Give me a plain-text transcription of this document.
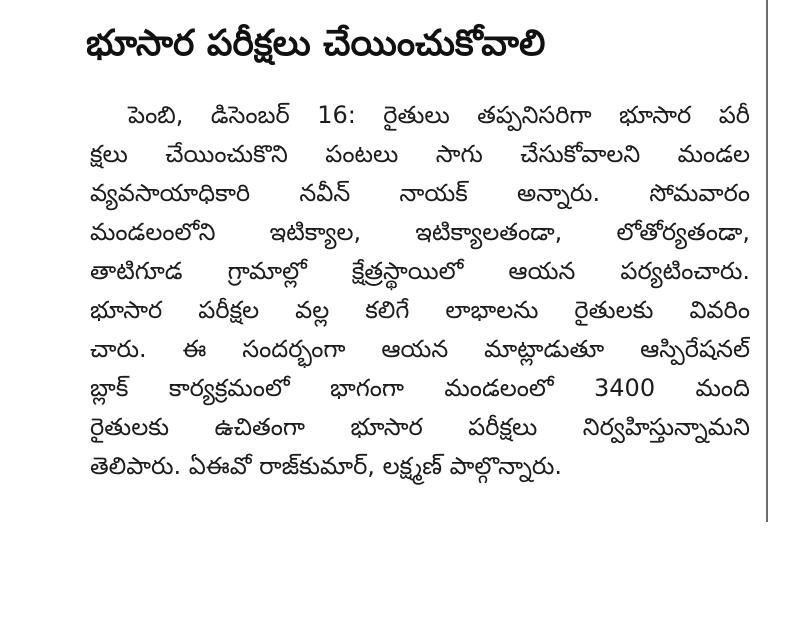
భూసార పరీక్షలు చేయించుకోవాలి
పెంబి, డిసెంబర్ 16: రైతులు తప్పనిసరిగా భూసార పరీ
క్షలు చేయించుకొని పంటలు సాగు చేసుకోవాలని మండల
వ్యవసాయాధికారి నవీన్ నాయక్ అన్నారు. సోమవారం
మండలంలోని ఇటిక్యాల, ఇటిక్యాలతండా, లోతోర్యతండా,
తాటిగూడ గ్రామాల్లో క్షేత్రస్థాయిలో ఆయన పర్యటించారు.
భూసార పరీక్షల వల్ల కలిగే లాభాలను రైతులకు వివరిం
చారు. ఈ సందర్భంగా ఆయన మాట్లాడుతూ ఆస్పిరేషనల్
బ్లాక్ కార్యక్రమంలో భాగంగా మండలంలో 3400 మంది
రైతులకు ఉచితంగా భూసార పరీక్షలు నిర్వహిస్తున్నామని
తెలిపారు. ఏఈవో రాజ్‌కుమార్, లక్ష్మణ్ పాల్గొన్నారు.
